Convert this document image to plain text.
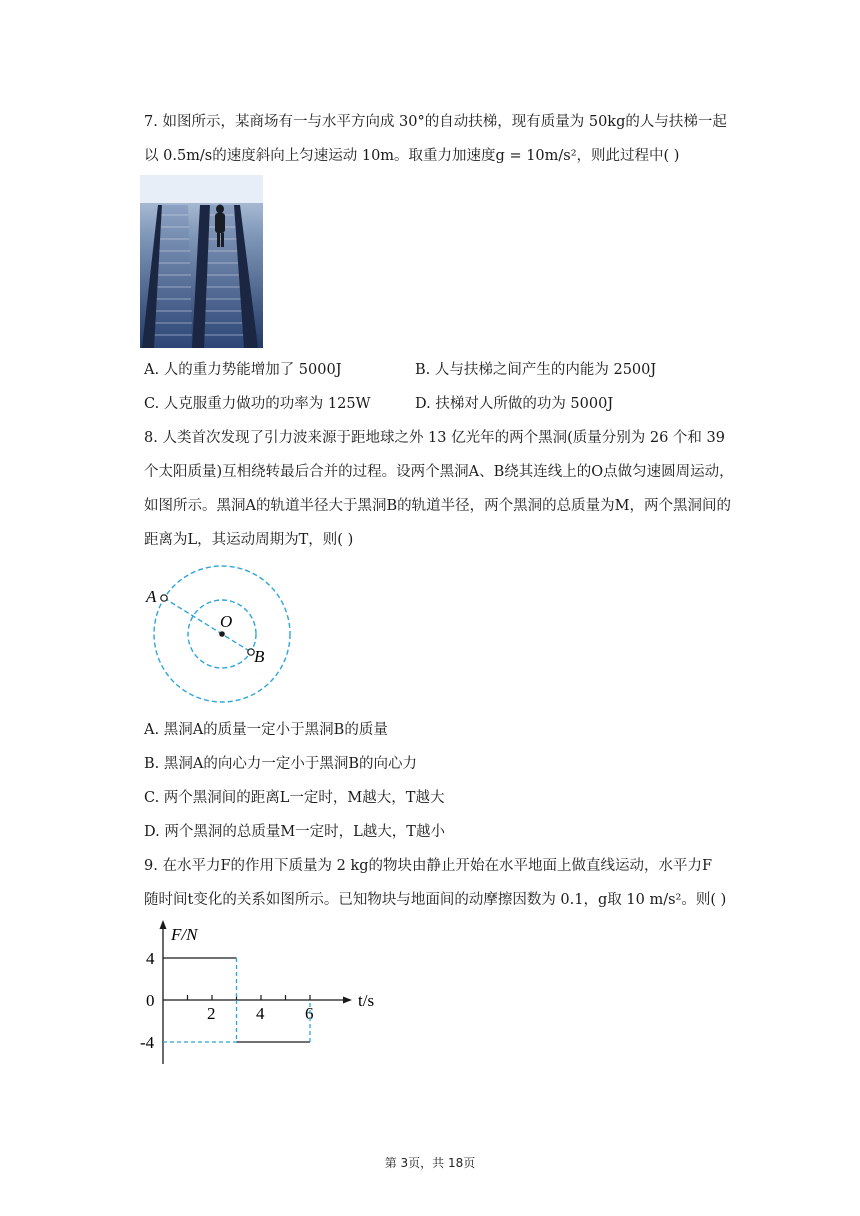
7. 如图所示，某商场有一与水平方向成 30°的自动扶梯，现有质量为 50kg的人与扶梯一起
以 0.5m/s的速度斜向上匀速运动 10m。取重力加速度g = 10m/s²，则此过程中( )
A. 人的重力势能增加了 5000J	B. 人与扶梯之间产生的内能为 2500J
C. 人克服重力做功的功率为 125W	D. 扶梯对人所做的功为 5000J
8. 人类首次发现了引力波来源于距地球之外 13 亿光年的两个黑洞(质量分别为 26 个和 39
个太阳质量)互相绕转最后合并的过程。设两个黑洞A、B绕其连线上的O点做匀速圆周运动，
如图所示。黑洞A的轨道半径大于黑洞B的轨道半径，两个黑洞的总质量为M，两个黑洞间的
距离为L，其运动周期为T，则( )
A
O
B
A. 黑洞A的质量一定小于黑洞B的质量
B. 黑洞A的向心力一定小于黑洞B的向心力
C. 两个黑洞间的距离L一定时，M越大，T越大
D. 两个黑洞的总质量M一定时，L越大，T越小
9. 在水平力F的作用下质量为 2 kg的物块由静止开始在水平地面上做直线运动，水平力F
随时间t变化的关系如图所示。已知物块与地面间的动摩擦因数为 0.1，g取 10 m/s²。则( )
F/N
t/s
2 4 6
4
0
-4
第 3页，共 18页
